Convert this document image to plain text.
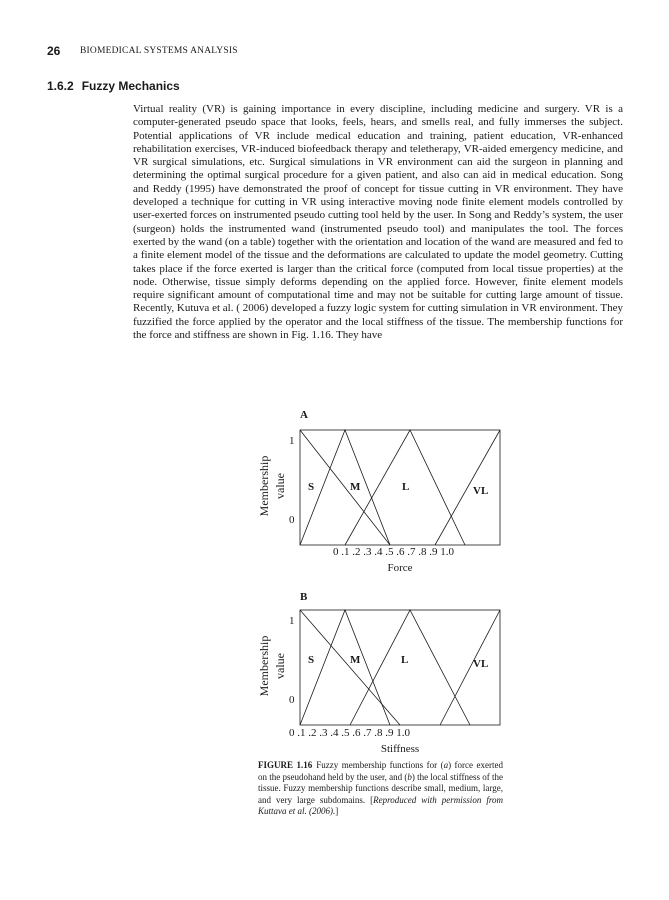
26 BIOMEDICAL SYSTEMS ANALYSIS
1.6.2 Fuzzy Mechanics

Virtual reality (VR) is gaining importance in every discipline, including medicine and surgery. VR is a computer-generated pseudo space that looks, feels, hears, and smells real, and fully immerses the subject. Potential applications of VR include medical education and training, patient education, VR-enhanced rehabilitation exercises, VR-induced biofeedback therapy and teletherapy, VR-aided emergency medicine, and VR surgical simulations, etc. Surgical simulations in VR environment can aid the surgeon in planning and determining the optimal surgical procedure for a given patient, and also can aid in medical education. Song and Reddy (1995) have demonstrated the proof of concept for tissue cutting in VR environment. They have developed a technique for cutting in VR using interactive moving node finite element models controlled by user-exerted forces on instrumented pseudo cutting tool held by the user. In Song and Reddy’s system, the user (surgeon) holds the instrumented wand (instrumented pseudo tool) and manipulates the tool. The forces exerted by the wand (on a table) together with the orientation and location of the wand are measured and fed to a finite element model of the tissue and the deformations are calculated to update the model geometry. Cutting takes place if the force exerted is larger than the critical force (computed from local tissue properties) at the node. Otherwise, tissue simply deforms depending on the applied force. However, finite element models require significant amount of computational time and may not be suitable for cutting large amount of tissue. Recently, Kutuva et al. ( 2006) developed a fuzzy logic system for cutting simulation in VR environment. They fuzzified the force applied by the operator and the local stiffness of the tissue. The membership functions for the force and stiffness are shown in Fig. 1.16. They have

A
Membership value
1
0
S	M	L	VL
0 .1 .2 .3 .4 .5 .6 .7 .8 .9 1.0
Force
B
Membership value
1
0
S	M	L	VL
0 .1 .2 .3 .4 .5 .6 .7 .8 .9 1.0
Stiffness

FIGURE 1.16 Fuzzy membership functions for (a) force exerted on the pseudohand held by the user, and (b) the local stiffness of the tissue. Fuzzy membership functions describe small, medium, large, and very large subdomains. [Reproduced with permission from Kuttava et al. (2006).]
